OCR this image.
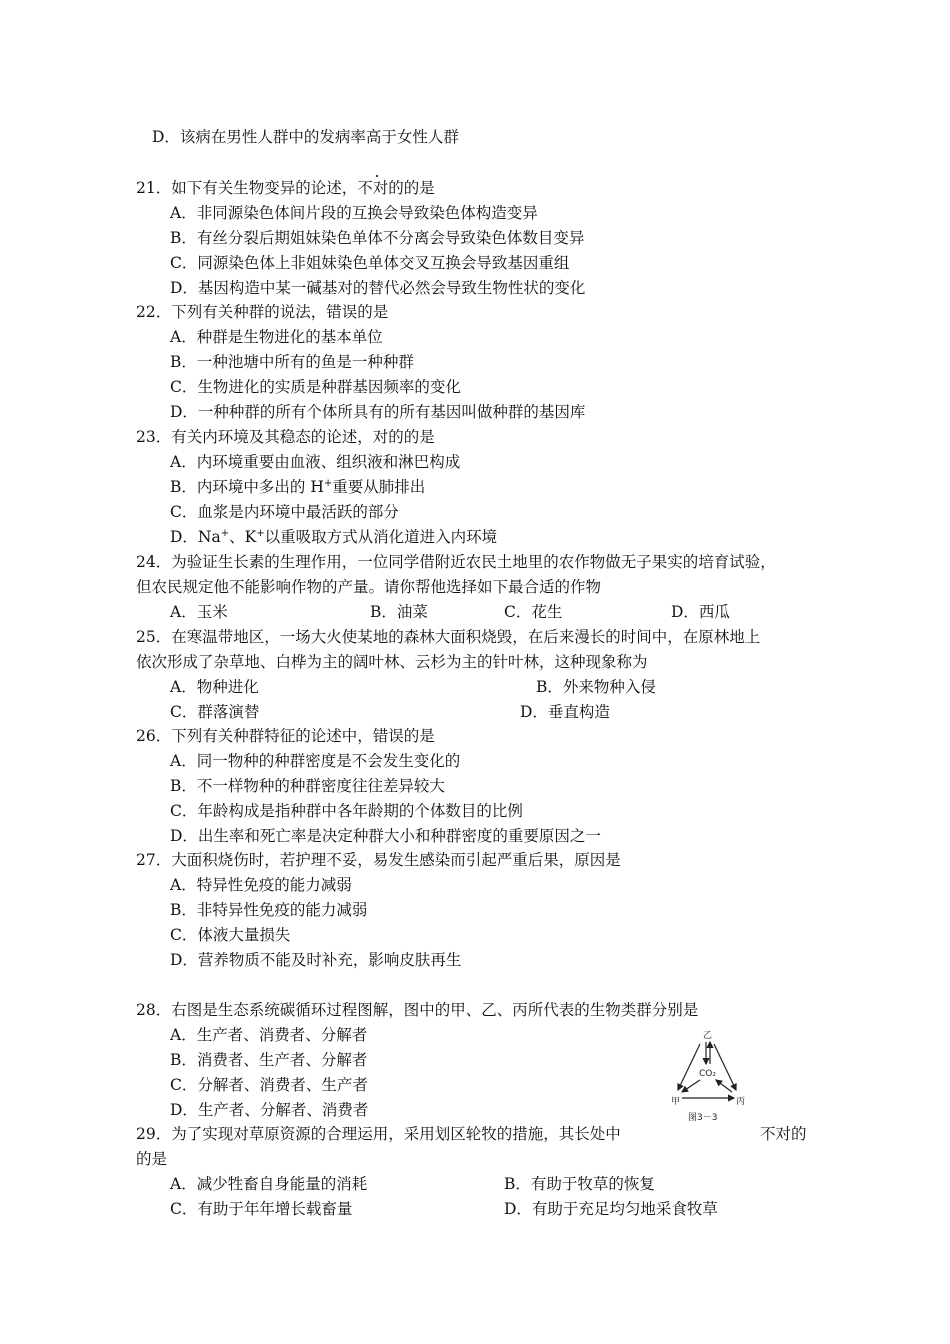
D．该病在男性人群中的发病率高于女性人群
21．如下有关生物变异的论述，不对的的是
A．非同源染色体间片段的互换会导致染色体构造变异
B．有丝分裂后期姐妹染色单体不分离会导致染色体数目变异
C．同源染色体上非姐妹染色单体交叉互换会导致基因重组
D．基因构造中某一碱基对的替代必然会导致生物性状的变化
22．下列有关种群的说法，错误的是
A．种群是生物进化的基本单位
B．一种池塘中所有的鱼是一种种群
C．生物进化的实质是种群基因频率的变化
D．一种种群的所有个体所具有的所有基因叫做种群的基因库
23．有关内环境及其稳态的论述，对的的是
A．内环境重要由血液、组织液和淋巴构成
B．内环境中多出的 H+重要从肺排出
C．血浆是内环境中最活跃的部分
D．Na+、K+以重吸取方式从消化道进入内环境
24．为验证生长素的生理作用，一位同学借附近农民土地里的农作物做无子果实的培育试验，
但农民规定他不能影响作物的产量。请你帮他选择如下最合适的作物
A．玉米	B．油菜	C．花生	D．西瓜
25．在寒温带地区，一场大火使某地的森林大面积烧毁，在后来漫长的时间中，在原林地上
依次形成了杂草地、白桦为主的阔叶林、云杉为主的针叶林，这种现象称为
A．物种进化	B．外来物种入侵
C．群落演替	D．垂直构造
26．下列有关种群特征的论述中，错误的是
A．同一物种的种群密度是不会发生变化的
B．不一样物种的种群密度往往差异较大
C．年龄构成是指种群中各年龄期的个体数目的比例
D．出生率和死亡率是决定种群大小和种群密度的重要原因之一
27．大面积烧伤时，若护理不妥，易发生感染而引起严重后果，原因是
A．特异性免疫的能力减弱
B．非特异性免疫的能力减弱
C．体液大量损失
D．营养物质不能及时补充，影响皮肤再生
28．右图是生态系统碳循环过程图解，图中的甲、乙、丙所代表的生物类群分别是
A．生产者、消费者、分解者
B．消费者、生产者、分解者
C．分解者、消费者、生产者
D．生产者、分解者、消费者
乙
CO₂
甲	丙
图3－3
29．为了实现对草原资源的合理运用，采用划区轮牧的措施，其长处中	不对的
的是
A．减少牲畜自身能量的消耗	B．有助于牧草的恢复
C．有助于年年增长载畜量	D．有助于充足均匀地采食牧草
